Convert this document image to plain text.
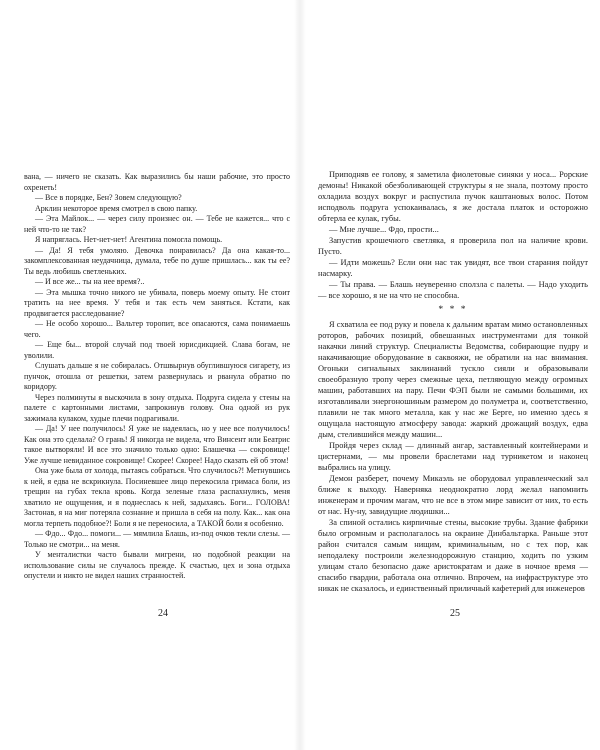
вана, — ничего не сказать. Как выразились бы наши рабочие, это просто охренеть!

— Все в порядке, Бен? Зовем следующую?

Арклин некоторое время смотрел в свою папку.

— Эта Майлок... — через силу произнес он. — Тебе не кажется... что с ней что-то не так?

Я напряглась. Нет-нет-нет! Агентина помогла помощь.

— Да! Я тебя умоляю. Девочка понравилась? Да она какая-то... закомплексованная неудачница, думала, тебе по душе пришлась... как ты ее? Ты ведь любишь светленьких.

— И все же... ты на нее время?..

— Эта мышка точно никого не убивала, поверь моему опыту. Не стоит тратить на нее время. У тебя и так есть чем заняться. Кстати, как продвигается расследование?

— Не особо хорошо... Вальтер торопит, все опасаются, сама понимаешь чего.

— Еще бы... второй случай под твоей юрисдикцией. Слава богам, не уволили.

Слушать дальше я не собиралась. Отшвырнув обуглившуюся сигарету, из пунчок, отошла от решетки, затем развернулась и рванула обратно по коридору.

Через полминуты я выскочила в зону отдыха. Подруга сидела у стены на палете с картонными листами, запрокинув голову. Она одной из рук зажимала кулаком, худые плечи подрагивали.

— Да! У нее получилось! Я уже не надеялась, но у нее все получилось! Как она это сделала? О грань! Я никогда не видела, что Винсент или Беатрис такое вытворяли! И все это значило только одно: Блашечка — сокровище! Уже лучше невиданное сокровище! Скорее! Скорее! Надо сказать ей об этом!

Она уже была от холода, пытаясь собраться. Что случилось?! Метнувшись к ней, я едва не вскрикнула. Посиневшее лицо перекосила гримаса боли, из трещин на губах текла кровь. Когда зеленые глаза распахнулись, меня хватило не ощущения, и я поднеслась к ней, задыхаясь. Боги... ГОЛОВА! Застонав, я на миг потеряла сознание и пришла в себя на полу. Как... как она могла терпеть подобное?! Боли я не переносила, а ТАКОЙ боли я особенно.

— Фдо... Фдо... помоги... — мямлила Блашь, из-под очков текли слезы. — Только не смотри... на меня.

У менталистки часто бывали мигрени, но подобной реакции на использование силы не случалось прежде. К счастью, цех и зона отдыха опустели и никто не видел наших странностей.

24

Приподняв ее голову, я заметила фиолетовые синяки у носа... Рорские демоны! Никакой обезболивающей структуры я не знала, поэтому просто охладила воздух вокруг и распустила пучок каштановых волос. Потом исподволь подруга успокаивалась, я же достала платок и осторожно обтерла ее кулак, губы.

— Мне лучше... Фдо, прости...

Запустив крошечного светляка, я проверила пол на наличие крови. Пусто.

— Идти можешь? Если они нас так увидят, все твои старания пойдут насмарку.

— Ты права. — Блашь неуверенно сползла с палеты. — Надо уходить — все хорошо, я не на что не способна.

* * *

Я схватила ее под руку и повела к дальним вратам мимо остановленных роторов, рабочих позиций, обвешанных инструментами для тонкой накачки линий структур. Специалисты Ведомства, собирающие пудру и накачивающие оборудование в саквояжи, не обратили на нас внимания. Огоньки сигнальных заклинаний тускло сияли и образовывали своеобразную тропу через смежные цеха, петляющую между огромных машин, работавших на пару. Печи ФЭП были не самыми большими, их изготавливали энергоношиным размером до полуметра и, соответственно, плавили не так много металла, как у нас же Берге, но именно здесь я ощущала настоящую атмосферу завода: жаркий дрожащий воздух, едва дым, стелившийся между машин...

Пройдя через склад — длинный ангар, заставленный контейнерами и цистернами, — мы провели браслетами над турникетом и наконец выбрались на улицу.

Демон разберет, почему Микаэль не оборудовал управленческий зал ближе к выходу. Наверняка неоднократно лорд желал напомнить инженерам и прочим магам, что не все в этом мире зависит от них, то есть от нас. Ну-ну, завидущие людишки...

За спиной остались кирпичные стены, высокие трубы. Здание фабрики было огромным и располагалось на окраине Динбальтарка. Раньше этот район считался самым нищим, криминальным, но с тех пор, как неподалеку построили железнодорожную станцию, ходить по узким улицам стало безопасно даже аристократам и даже в ночное время — спасибо гвардии, работала она отлично. Впрочем, на инфраструктуре это никак не сказалось, и единственный приличный кафетерий для инженеров

25
